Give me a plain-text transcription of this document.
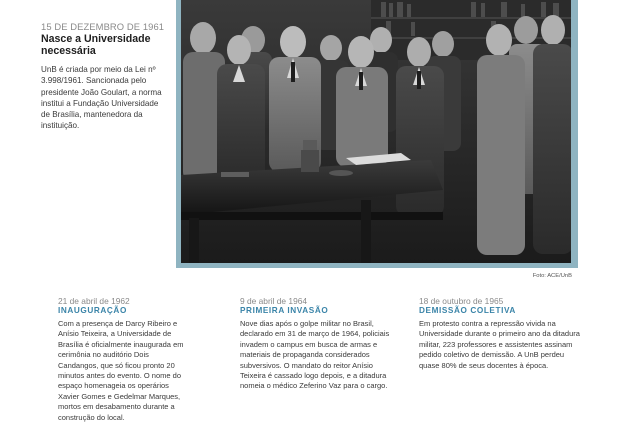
15 DE DEZEMBRO DE 1961
Nasce a Universidade necessária
UnB é criada por meio da Lei nº 3.998/1961. Sancionada pelo presidente João Goulart, a norma institui a Fundação Universidade de Brasília, mantenedora da instituição.
Foto: ACE/UnB
21 de abril de 1962
INAUGURAÇÃO
Com a presença de Darcy Ribeiro e Anísio Teixeira, a Universidade de Brasília é oficialmente inaugurada em cerimônia no auditório Dois Candangos, que só ficou pronto 20 minutos antes do evento. O nome do espaço homenageia os operários Xavier Gomes e Gedelmar Marques, mortos em desabamento durante a construção do local.
9 de abril de 1964
PRIMEIRA INVASÃO
Nove dias após o golpe militar no Brasil, declarado em 31 de março de 1964, policiais invadem o campus em busca de armas e materiais de propaganda considerados subversivos. O mandato do reitor Anísio Teixeira é cassado logo depois, e a ditadura nomeia o médico Zeferino Vaz para o cargo.
18 de outubro de 1965
DEMISSÃO COLETIVA
Em protesto contra a repressão vivida na Universidade durante o primeiro ano da ditadura militar, 223 professores e assistentes assinam pedido coletivo de demissão. A UnB perdeu quase 80% de seus docentes à época.
